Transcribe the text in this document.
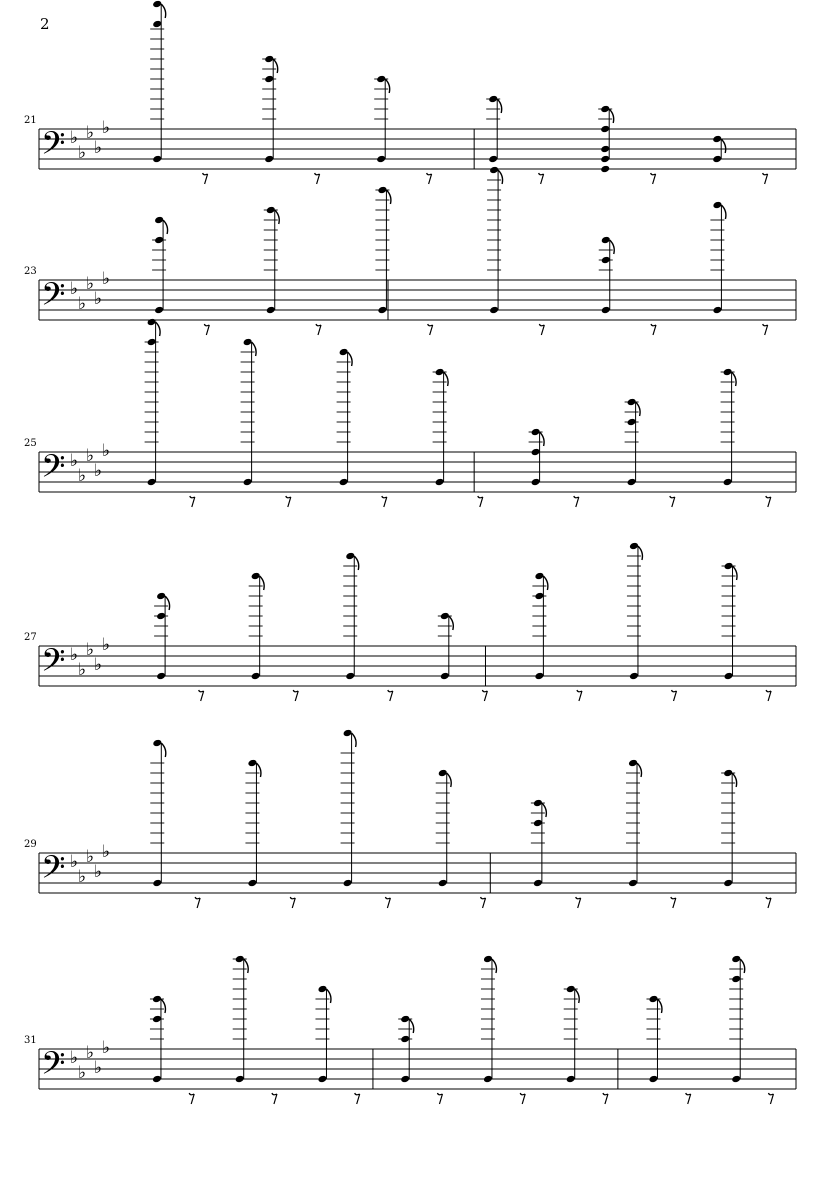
2
21
𝄢 ♭
♭
♭
♭
♭
23
𝄢 ♭
♭
♭
♭
♭
25
𝄢 ♭
♭
♭
♭
♭
27
𝄢 ♭
♭
♭
♭
♭
29
𝄢 ♭
♭
♭
♭
♭
31
𝄢 ♭
♭
♭
♭
♭
